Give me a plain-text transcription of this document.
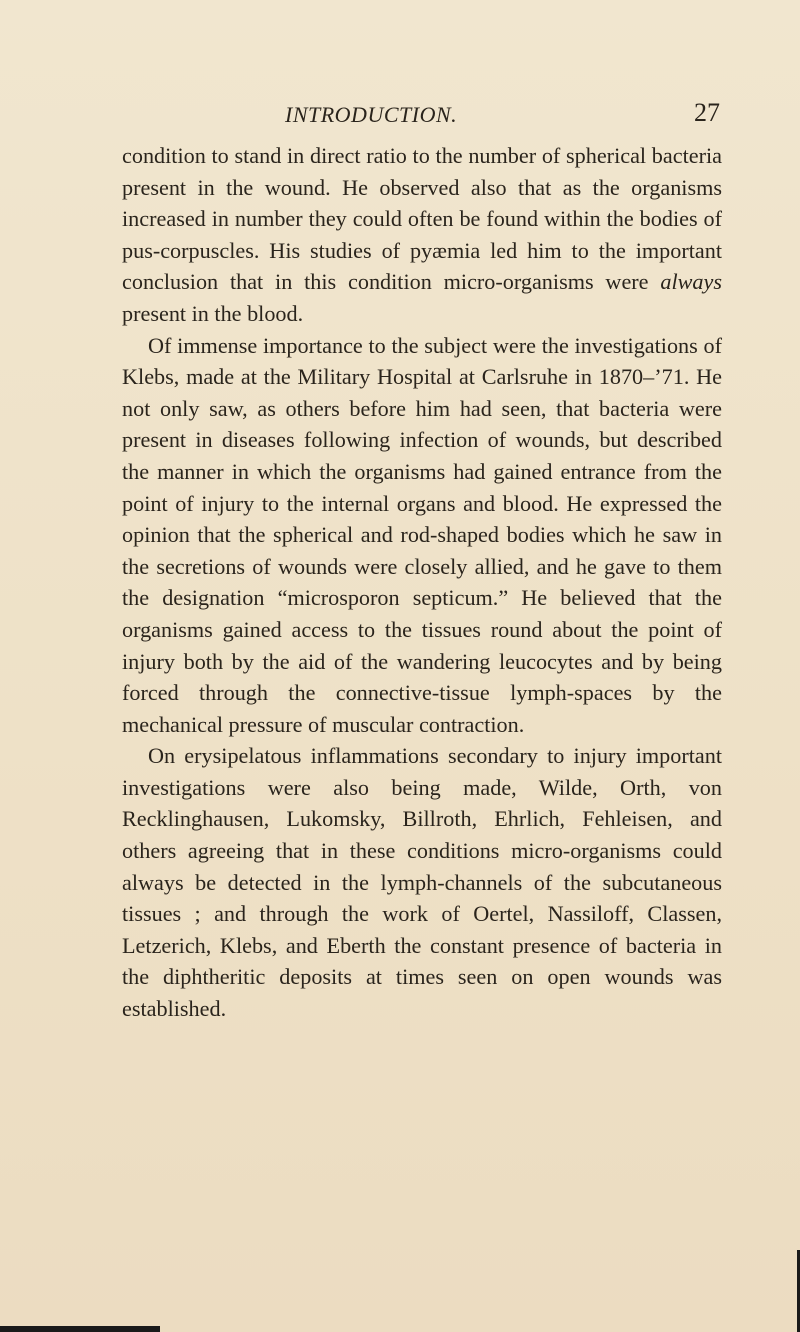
INTRODUCTION.	27

condition to stand in direct ratio to the number of spherical bacteria present in the wound. He observed also that as the organisms increased in number they could often be found within the bodies of pus-corpuscles. His studies of pyæmia led him to the important conclusion that in this condition micro-organisms were always present in the blood.

Of immense importance to the subject were the investigations of Klebs, made at the Military Hospital at Carlsruhe in 1870–’71. He not only saw, as others before him had seen, that bacteria were present in diseases following infection of wounds, but described the manner in which the organisms had gained entrance from the point of injury to the internal organs and blood. He expressed the opinion that the spherical and rod-shaped bodies which he saw in the secretions of wounds were closely allied, and he gave to them the designation “microsporon septicum.” He believed that the organisms gained access to the tissues round about the point of injury both by the aid of the wandering leucocytes and by being forced through the connective-tissue lymph-spaces by the mechanical pressure of muscular contraction.

On erysipelatous inflammations secondary to injury important investigations were also being made, Wilde, Orth, von Recklinghausen, Lukomsky, Billroth, Ehrlich, Fehleisen, and others agreeing that in these conditions micro-organisms could always be detected in the lymph-channels of the subcutaneous tissues ; and through the work of Oertel, Nassiloff, Classen, Letzerich, Klebs, and Eberth the constant presence of bacteria in the diphtheritic deposits at times seen on open wounds was established.
